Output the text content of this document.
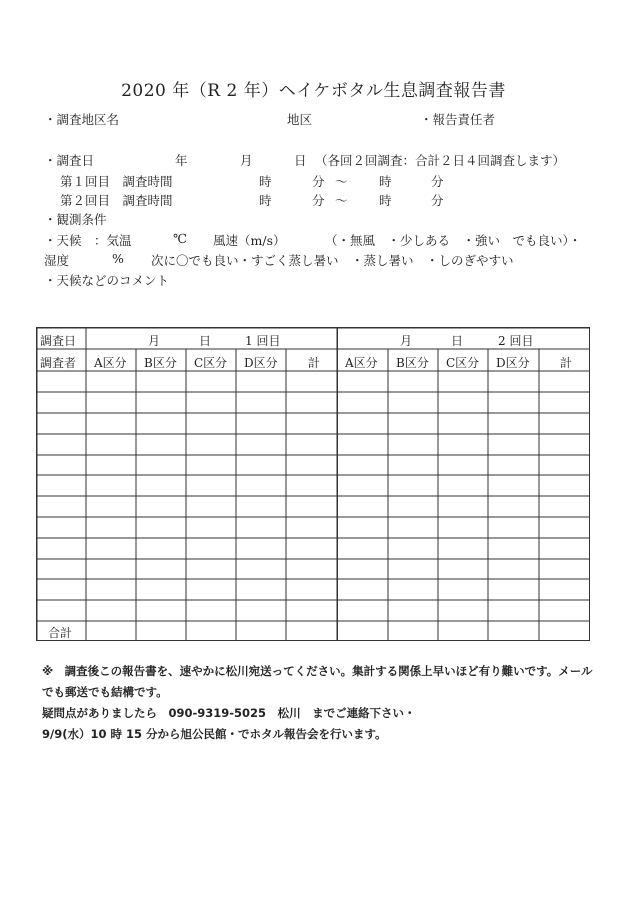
2020 年（R 2 年）ヘイケボタル生息調査報告書
・調査地区名	地区	・報告責任者
・調査日	年	月	日 （各回２回調査：合計２日４回調査します）
第１回目　調査時間	時	分 〜	時	分
第２回目　調査時間	時	分 〜	時	分
・観測条件
・天候　：気温	℃ 風速（m/s）	（・無風　・少しある　・強い　でも良い）・
湿度	% 次に〇でも良い・すごく蒸し暑い　・蒸し暑い　・しのぎやすい
・天候などのコメント
調査日	月	日	1 回目	月	日	2 回目
調査者 A区分 B区分 C区分 D区分	計 A区分 B区分 C区分 D区分	計
合計
※　調査後この報告書を、速やかに松川宛送ってください。集計する関係上早いほど有り難いです。メール
でも郵送でも結構です。
疑問点がありましたら　090-9319-5025　松川　までご連絡下さい・
9/9(水）10 時 15 分から旭公民館・でホタル報告会を行います。
